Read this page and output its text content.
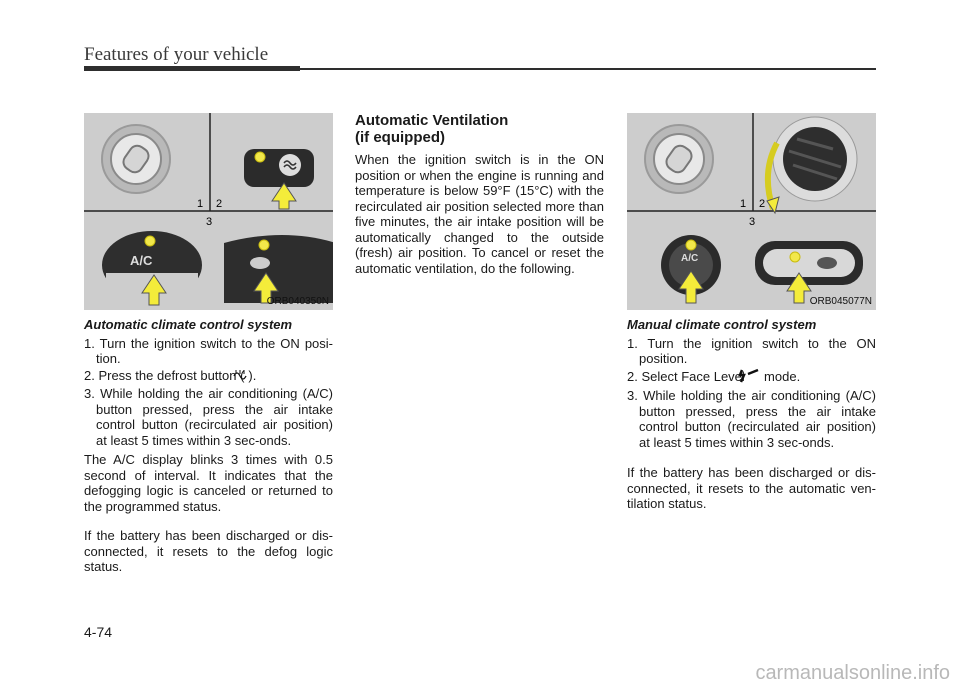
Features of your vehicle
1 2
3
A/C
ORB040350N
Automatic climate control system
1. Turn the ignition switch to the ON posi-tion.
2. Press the defrost button ( ).
3. While holding the air conditioning (A/C) button pressed, press the air intake control button (recirculated air position) at least 5 times within 3 sec-onds.

The A/C display blinks 3 times with 0.5 second of interval. It indicates that the defogging logic is canceled or returned to the programmed status.

If the battery has been discharged or dis-connected, it resets to the defog logic status.

Automatic Ventilation
(if equipped)

When the ignition switch is in the ON position or when the engine is running and temperature is below 59°F (15°C) with the recirculated air position selected more than five minutes, the air intake position will be automatically changed to the outside (fresh) air position. To cancel or reset the automatic ventilation, do the following.

1 2
3
A/C
ORB045077N
Manual climate control system
1. Turn the ignition switch to the ON position.
2. Select Face Level mode.
3. While holding the air conditioning (A/C) button pressed, press the air intake control button (recirculated air position) at least 5 times within 3 sec-onds.

If the battery has been discharged or dis-connected, it resets to the automatic ven-tilation status.

4-74
carmanualsonline.info
